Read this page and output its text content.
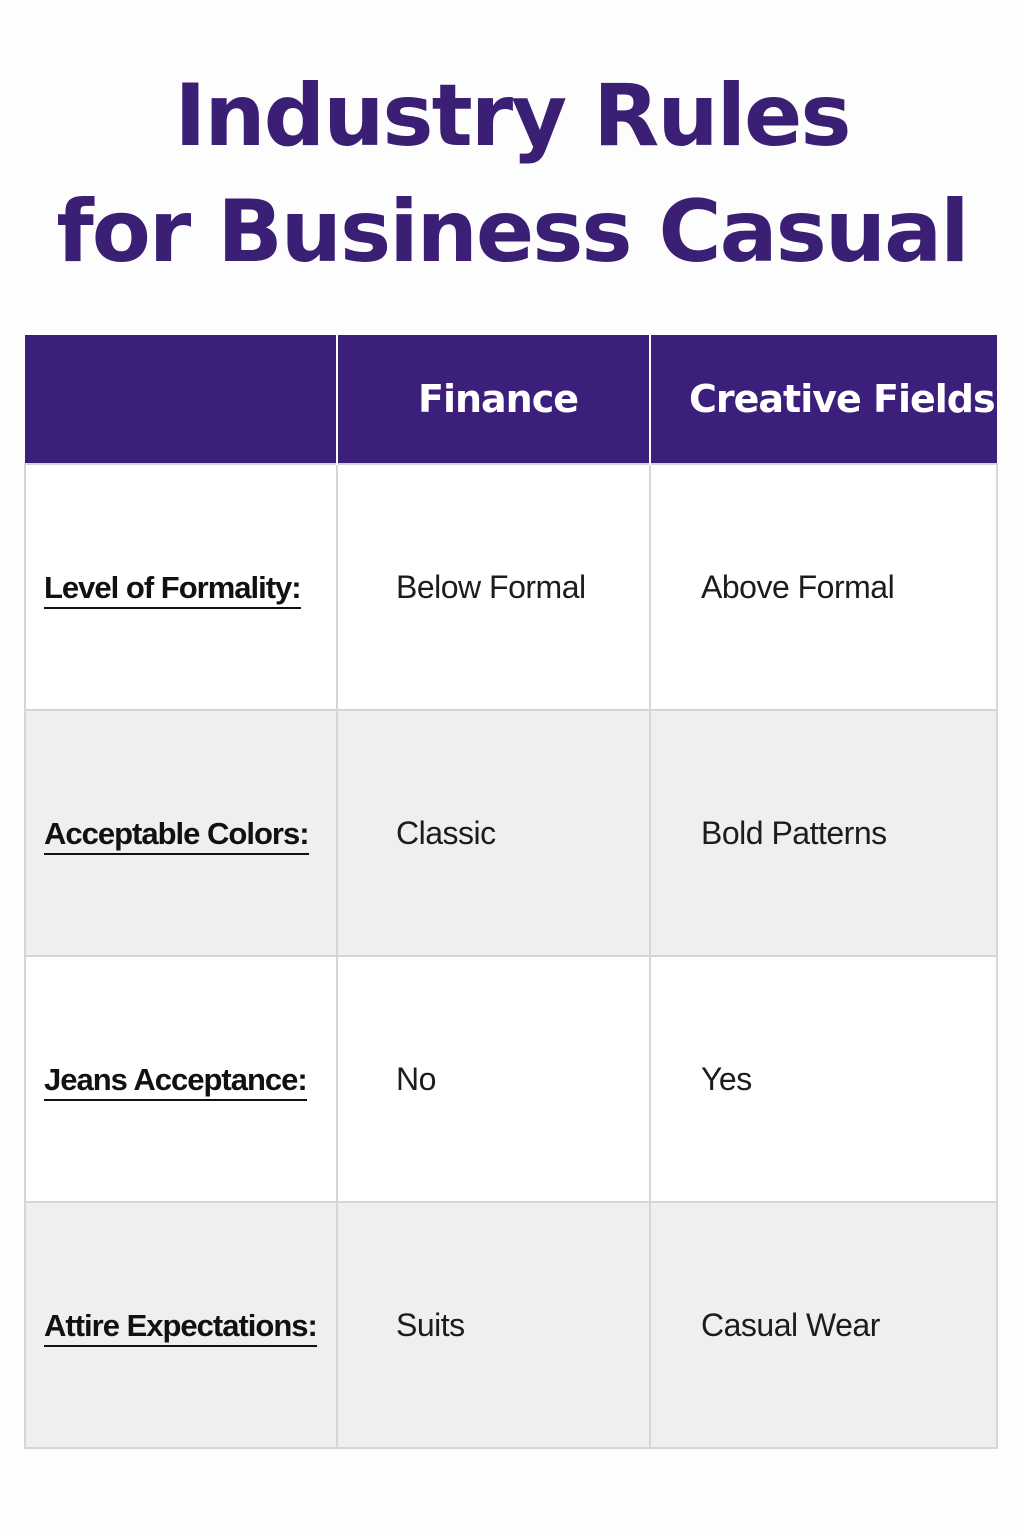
Industry Rules
for Business Casual
	Finance	Creative Fields
Level of Formality:	Below Formal	Above Formal
Acceptable Colors:	Classic	Bold Patterns
Jeans Acceptance:	No	Yes
Attire Expectations:	Suits	Casual Wear
